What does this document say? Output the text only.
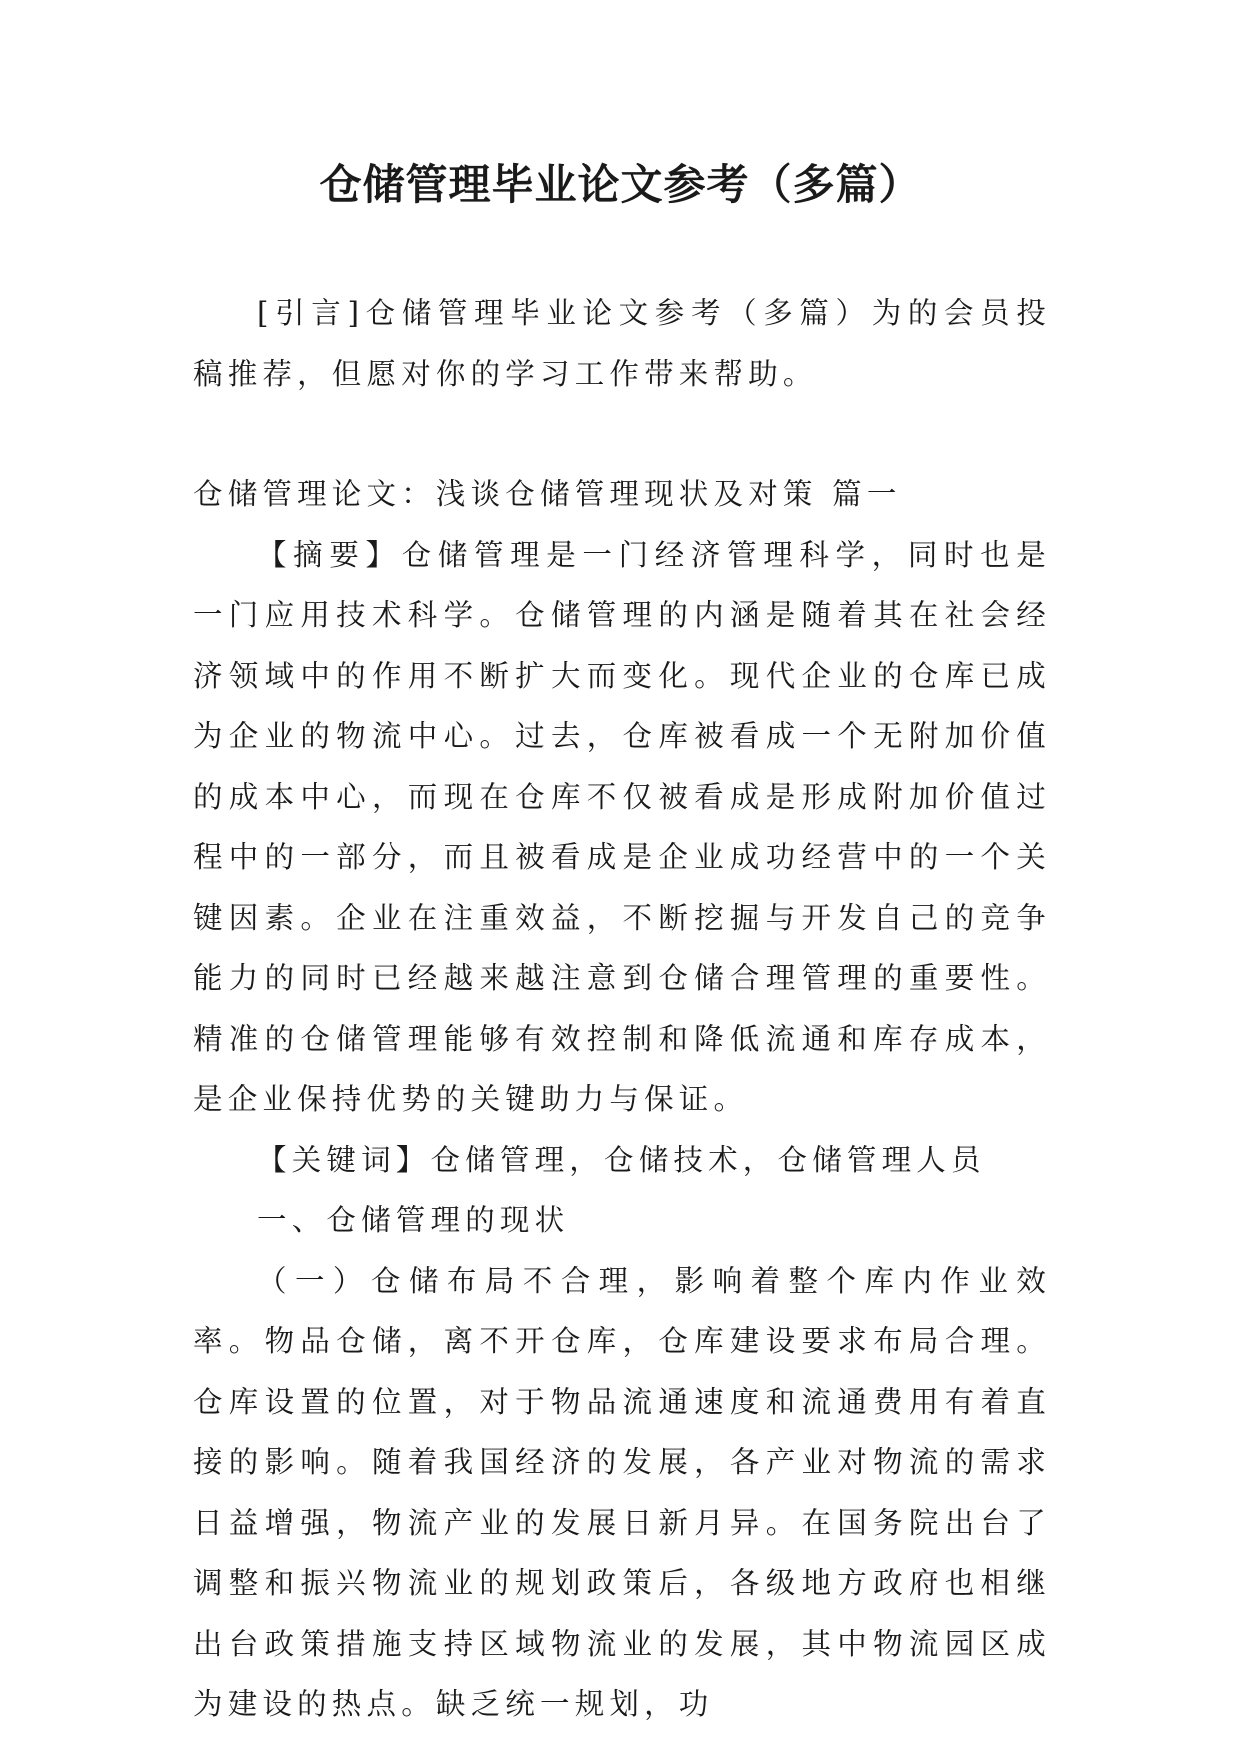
仓储管理毕业论文参考（多篇）

[引言]仓储管理毕业论文参考（多篇）为的会员投稿推荐，但愿对你的学习工作带来帮助。

仓储管理论文：浅谈仓储管理现状及对策 篇一

【摘要】仓储管理是一门经济管理科学，同时也是一门应用技术科学。仓储管理的内涵是随着其在社会经济领域中的作用不断扩大而变化。现代企业的仓库已成为企业的物流中心。过去，仓库被看成一个无附加价值的成本中心，而现在仓库不仅被看成是形成附加价值过程中的一部分，而且被看成是企业成功经营中的一个关键因素。企业在注重效益，不断挖掘与开发自己的竞争能力的同时已经越来越注意到仓储合理管理的重要性。精准的仓储管理能够有效控制和降低流通和库存成本，是企业保持优势的关键助力与保证。

【关键词】仓储管理，仓储技术，仓储管理人员

一、仓储管理的现状

（一）仓储布局不合理，影响着整个库内作业效率。物品仓储，离不开仓库，仓库建设要求布局合理。仓库设置的位置，对于物品流通速度和流通费用有着直接的影响。随着我国经济的发展，各产业对物流的需求日益增强，物流产业的发展日新月异。在国务院出台了调整和振兴物流业的规划政策后，各级地方政府也相继出台政策措施支持区域物流业的发展，其中物流园区成为建设的热点。缺乏统一规划，功
